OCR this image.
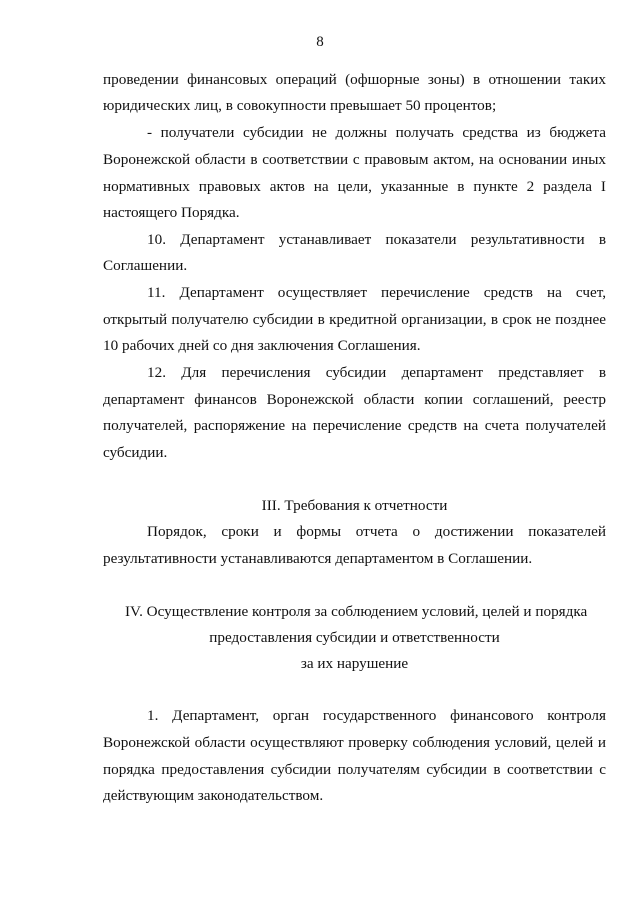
8
проведении финансовых операций (офшорные зоны) в отношении таких
юридических лиц, в совокупности превышает 50 процентов;
- получатели субсидии не должны получать средства из бюджета
Воронежской области в соответствии с правовым актом, на основании иных
нормативных правовых актов на цели, указанные в пункте 2 раздела I
настоящего Порядка.
10. Департамент устанавливает показатели результативности в
Соглашении.
11. Департамент осуществляет перечисление средств на счет,
открытый получателю субсидии в кредитной организации, в срок не позднее
10 рабочих дней со дня заключения Соглашения.
12. Для перечисления субсидии департамент представляет в
департамент финансов Воронежской области копии соглашений, реестр
получателей, распоряжение на перечисление средств на счета получателей
субсидии.
III. Требования к отчетности
Порядок, сроки и формы отчета о достижении показателей
результативности устанавливаются департаментом в Соглашении.
IV. Осуществление контроля за соблюдением условий, целей и порядка
предоставления субсидии и ответственности
за их нарушение
1. Департамент, орган государственного финансового контроля
Воронежской области осуществляют проверку соблюдения условий, целей и
порядка предоставления субсидии получателям субсидии в соответствии с
действующим законодательством.
